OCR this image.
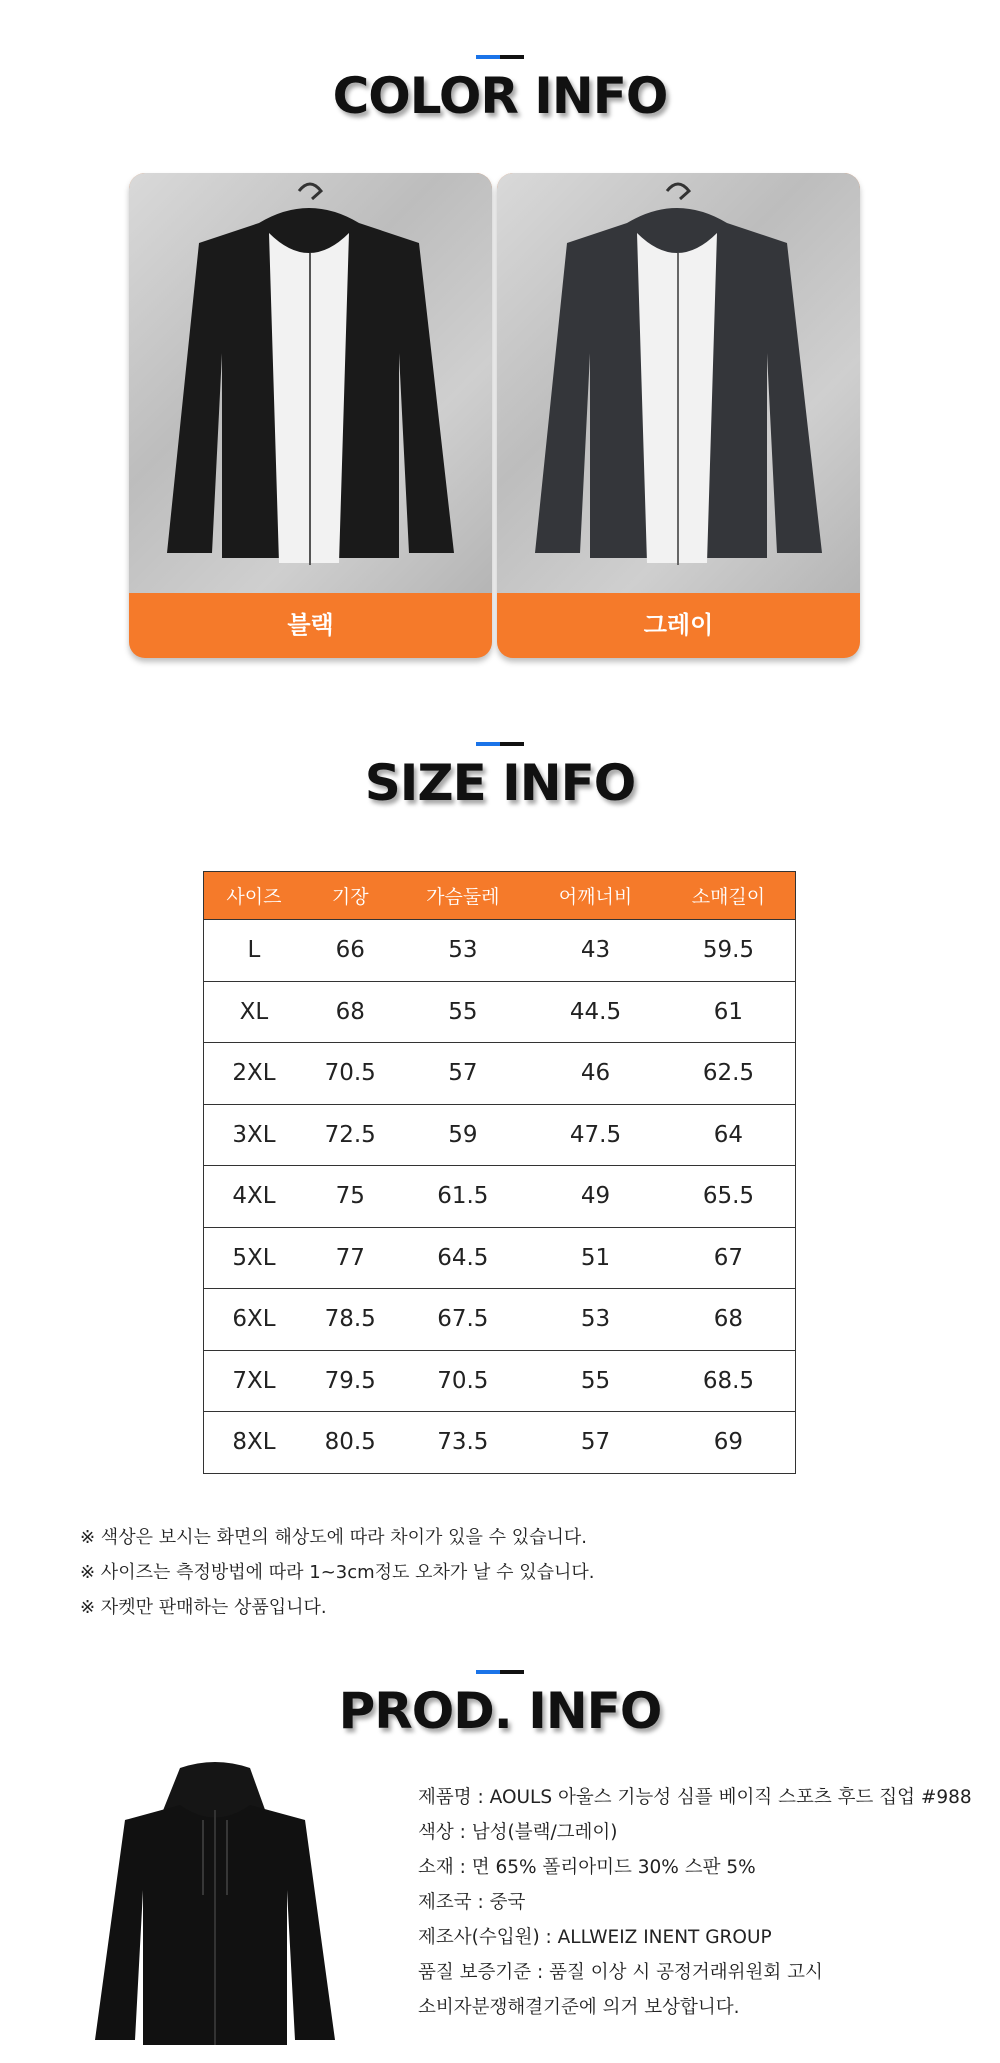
COLOR INFO
블랙	그레이
SIZE INFO
사이즈	기장	가슴둘레	어깨너비	소매길이
L	66	53	43	59.5
XL	68	55	44.5	61
2XL	70.5	57	46	62.5
3XL	72.5	59	47.5	64
4XL	75	61.5	49	65.5
5XL	77	64.5	51	67
6XL	78.5	67.5	53	68
7XL	79.5	70.5	55	68.5
8XL	80.5	73.5	57	69
※ 색상은 보시는 화면의 해상도에 따라 차이가 있을 수 있습니다.
※ 사이즈는 측정방법에 따라 1~3cm정도 오차가 날 수 있습니다.
※ 자켓만 판매하는 상품입니다.
PROD. INFO
제품명 : AOULS 아울스 기능성 심플 베이직 스포츠 후드 집업 #988
색상 : 남성(블랙/그레이)
소재 : 면 65% 폴리아미드 30% 스판 5%
제조국 : 중국
제조사(수입원) : ALLWEIZ INENT GROUP
품질 보증기준 : 품질 이상 시 공정거래위원회 고시
소비자분쟁해결기준에 의거 보상합니다.
